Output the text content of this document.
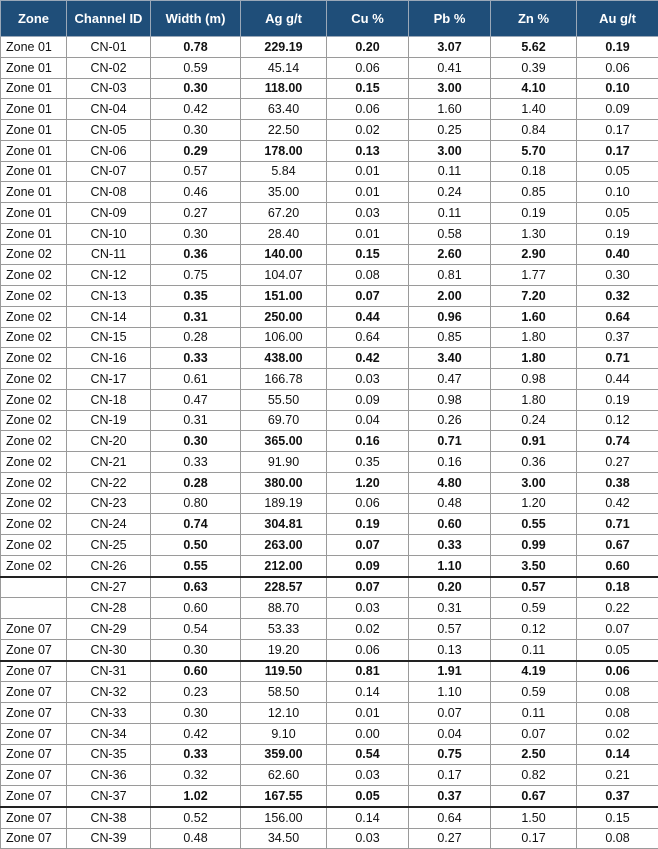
Zone	Channel ID	Width (m)	Ag g/t	Cu %	Pb %	Zn %	Au g/t
Zone 01	CN-01	0.78	229.19	0.20	3.07	5.62	0.19
Zone 01	CN-02	0.59	45.14	0.06	0.41	0.39	0.06
Zone 01	CN-03	0.30	118.00	0.15	3.00	4.10	0.10
Zone 01	CN-04	0.42	63.40	0.06	1.60	1.40	0.09
Zone 01	CN-05	0.30	22.50	0.02	0.25	0.84	0.17
Zone 01	CN-06	0.29	178.00	0.13	3.00	5.70	0.17
Zone 01	CN-07	0.57	5.84	0.01	0.11	0.18	0.05
Zone 01	CN-08	0.46	35.00	0.01	0.24	0.85	0.10
Zone 01	CN-09	0.27	67.20	0.03	0.11	0.19	0.05
Zone 01	CN-10	0.30	28.40	0.01	0.58	1.30	0.19
Zone 02	CN-11	0.36	140.00	0.15	2.60	2.90	0.40
Zone 02	CN-12	0.75	104.07	0.08	0.81	1.77	0.30
Zone 02	CN-13	0.35	151.00	0.07	2.00	7.20	0.32
Zone 02	CN-14	0.31	250.00	0.44	0.96	1.60	0.64
Zone 02	CN-15	0.28	106.00	0.64	0.85	1.80	0.37
Zone 02	CN-16	0.33	438.00	0.42	3.40	1.80	0.71
Zone 02	CN-17	0.61	166.78	0.03	0.47	0.98	0.44
Zone 02	CN-18	0.47	55.50	0.09	0.98	1.80	0.19
Zone 02	CN-19	0.31	69.70	0.04	0.26	0.24	0.12
Zone 02	CN-20	0.30	365.00	0.16	0.71	0.91	0.74
Zone 02	CN-21	0.33	91.90	0.35	0.16	0.36	0.27
Zone 02	CN-22	0.28	380.00	1.20	4.80	3.00	0.38
Zone 02	CN-23	0.80	189.19	0.06	0.48	1.20	0.42
Zone 02	CN-24	0.74	304.81	0.19	0.60	0.55	0.71
Zone 02	CN-25	0.50	263.00	0.07	0.33	0.99	0.67
Zone 02	CN-26	0.55	212.00	0.09	1.10	3.50	0.60
	CN-27	0.63	228.57	0.07	0.20	0.57	0.18
	CN-28	0.60	88.70	0.03	0.31	0.59	0.22
Zone 07	CN-29	0.54	53.33	0.02	0.57	0.12	0.07
Zone 07	CN-30	0.30	19.20	0.06	0.13	0.11	0.05
Zone 07	CN-31	0.60	119.50	0.81	1.91	4.19	0.06
Zone 07	CN-32	0.23	58.50	0.14	1.10	0.59	0.08
Zone 07	CN-33	0.30	12.10	0.01	0.07	0.11	0.08
Zone 07	CN-34	0.42	9.10	0.00	0.04	0.07	0.02
Zone 07	CN-35	0.33	359.00	0.54	0.75	2.50	0.14
Zone 07	CN-36	0.32	62.60	0.03	0.17	0.82	0.21
Zone 07	CN-37	1.02	167.55	0.05	0.37	0.67	0.37
Zone 07	CN-38	0.52	156.00	0.14	0.64	1.50	0.15
Zone 07	CN-39	0.48	34.50	0.03	0.27	0.17	0.08
